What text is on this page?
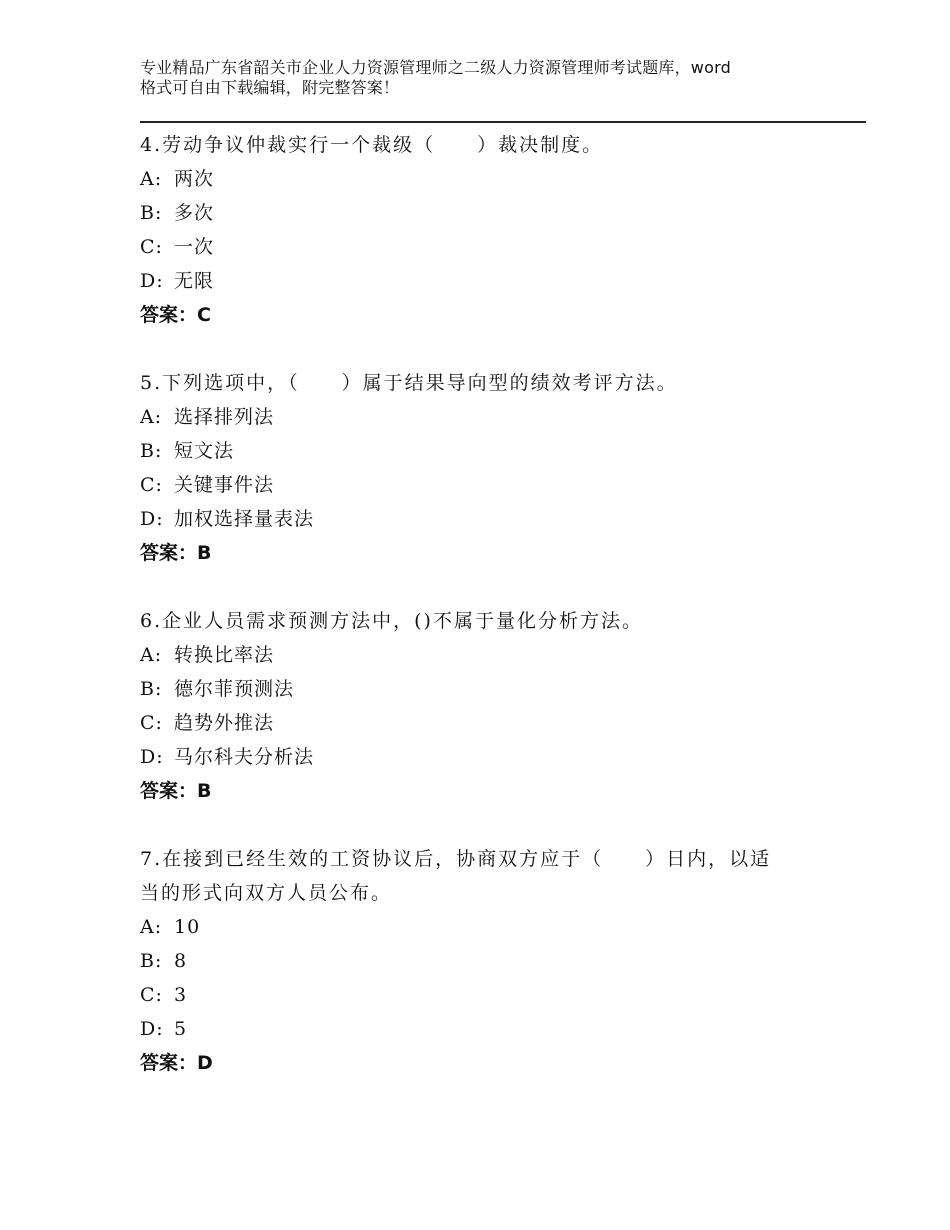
专业精品广东省韶关市企业人力资源管理师之二级人力资源管理师考试题库，word
格式可自由下载编辑，附完整答案！
4.劳动争议仲裁实行一个裁级（　　）裁决制度。
A: 两次
B: 多次
C: 一次
D: 无限
答案：C
5.下列选项中，（　　）属于结果导向型的绩效考评方法。
A: 选择排列法
B: 短文法
C: 关键事件法
D: 加权选择量表法
答案：B
6.企业人员需求预测方法中，()不属于量化分析方法。
A: 转换比率法
B: 德尔菲预测法
C: 趋势外推法
D: 马尔科夫分析法
答案：B
7.在接到已经生效的工资协议后，协商双方应于（　　）日内，以适
当的形式向双方人员公布。
A: 10
B: 8
C: 3
D: 5
答案：D
